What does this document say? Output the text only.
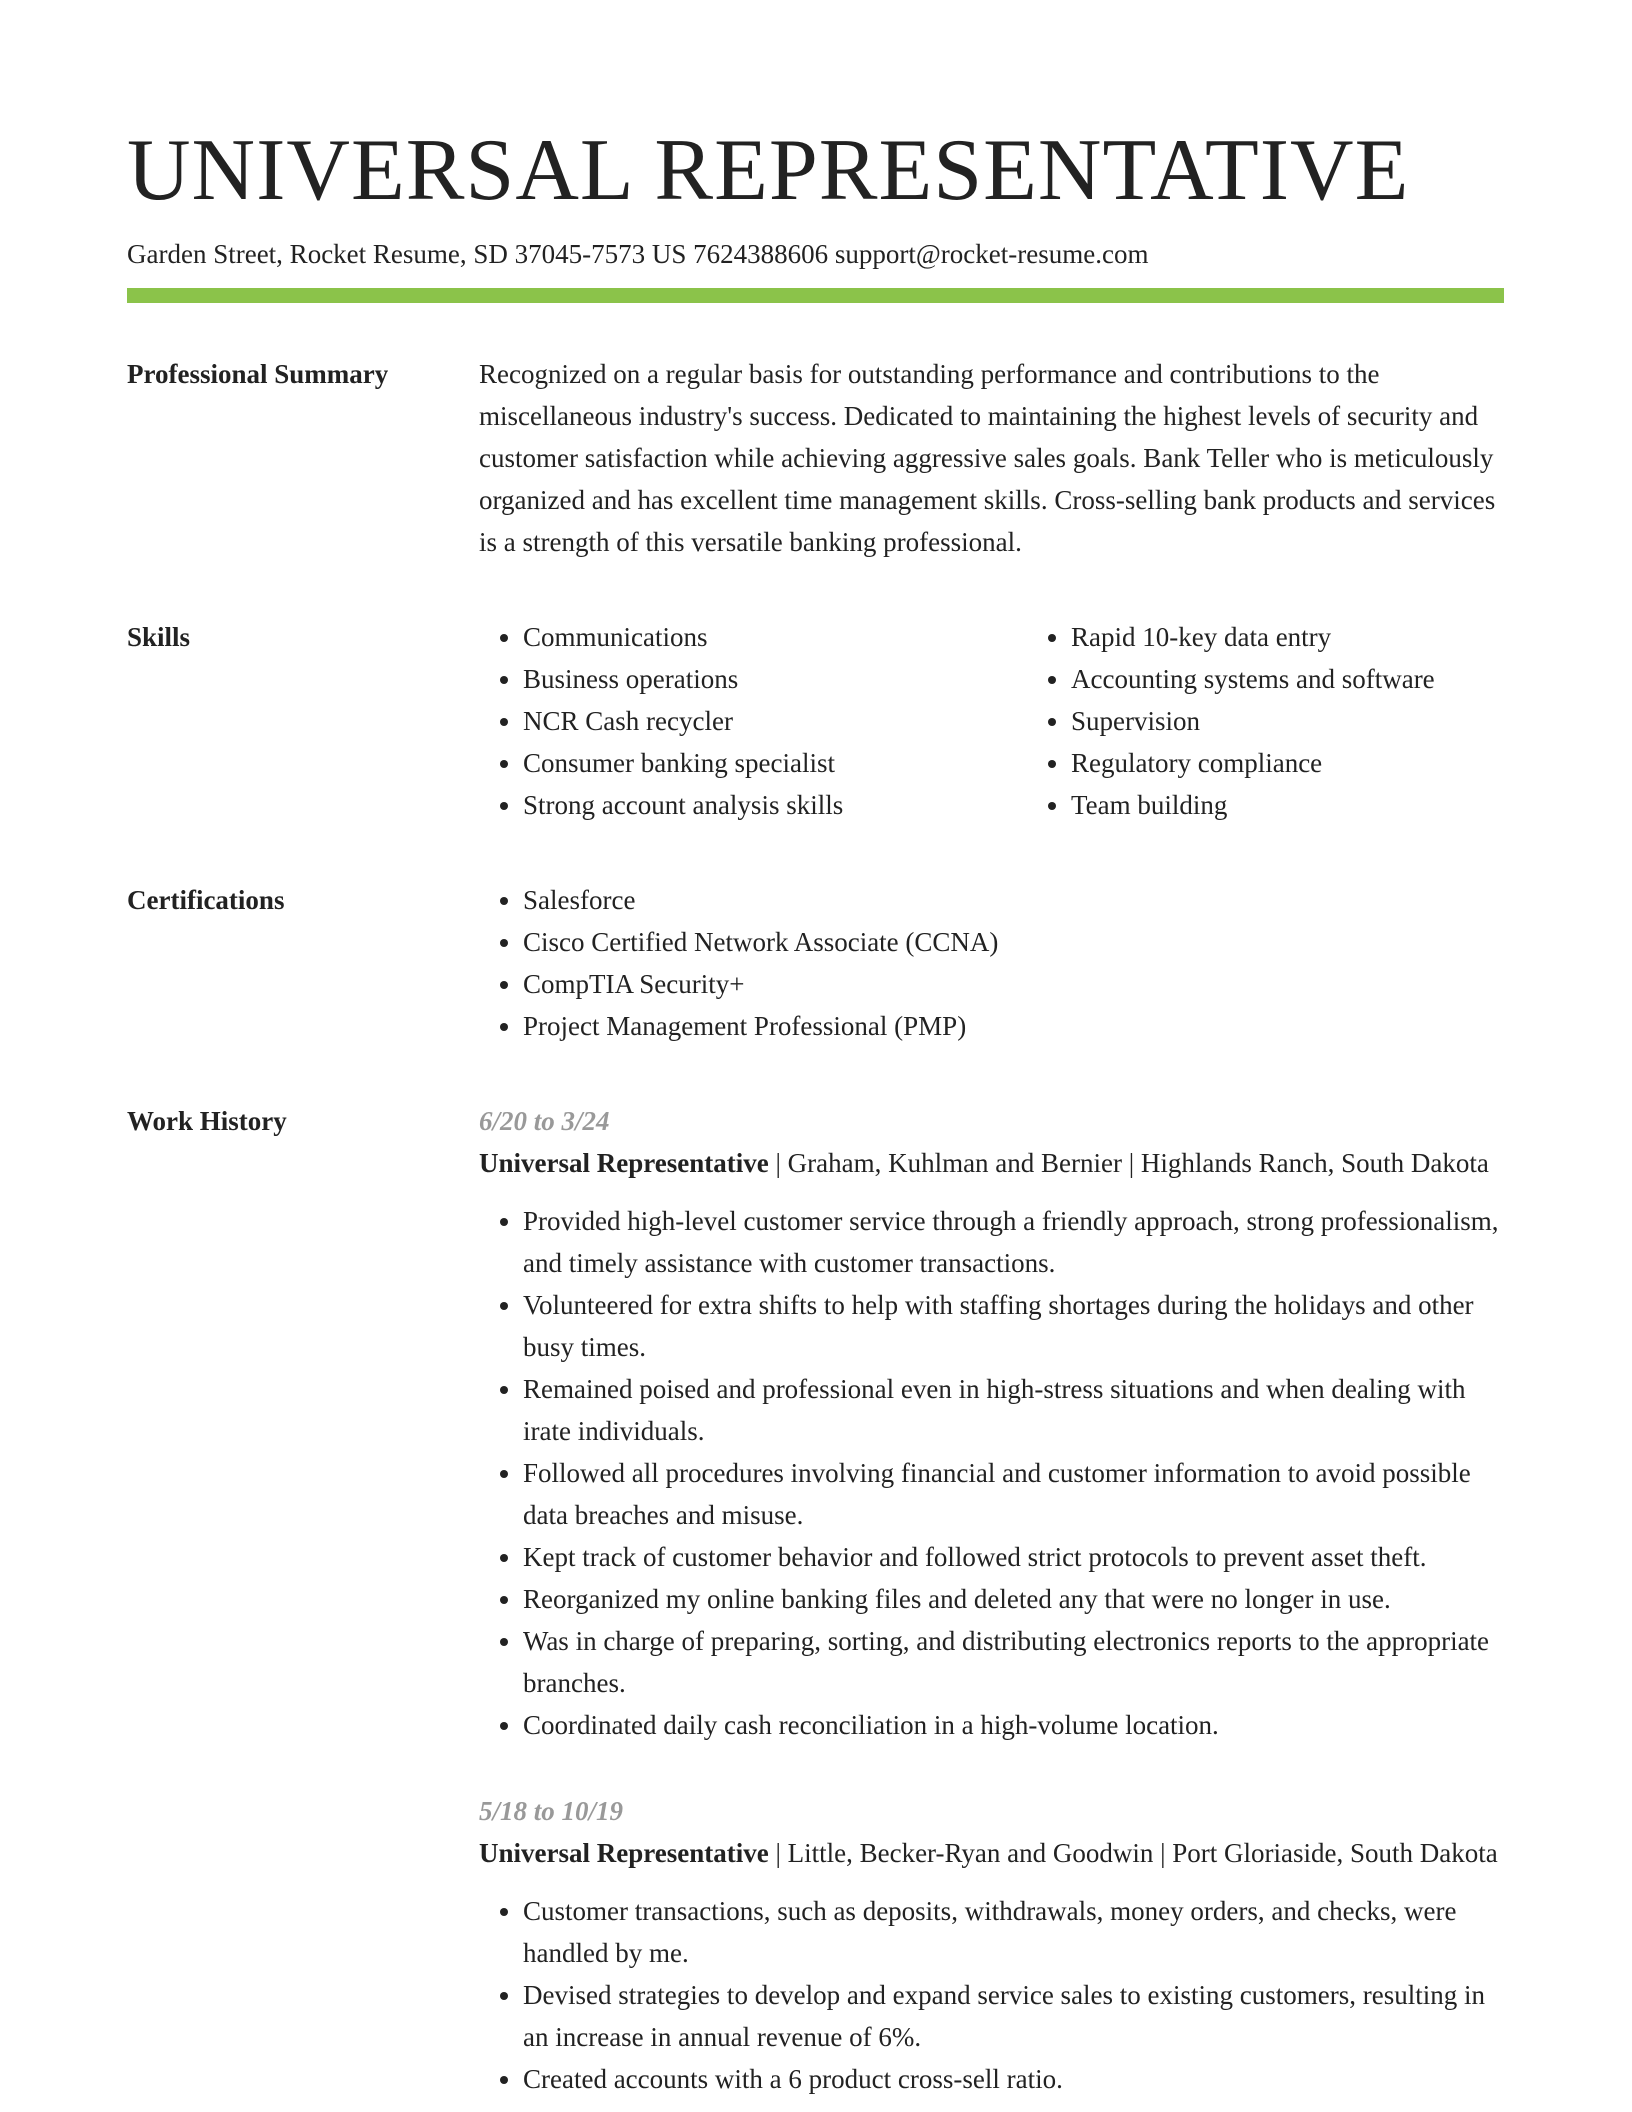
UNIVERSAL REPRESENTATIVE
Garden Street, Rocket Resume, SD 37045-7573 US 7624388606 support@rocket-resume.com
Professional Summary	Recognized on a regular basis for outstanding performance and contributions to the miscellaneous industry's success. Dedicated to maintaining the highest levels of security and customer satisfaction while achieving aggressive sales goals. Bank Teller who is meticulously organized and has excellent time management skills. Cross-selling bank products and services is a strength of this versatile banking professional.

Skills	• Communications
• Business operations
• NCR Cash recycler
• Consumer banking specialist
• Strong account analysis skills
• Rapid 10-key data entry
• Accounting systems and software
• Supervision
• Regulatory compliance
• Team building
Certifications	• Salesforce
• Cisco Certified Network Associate (CCNA)
• CompTIA Security+
• Project Management Professional (PMP)
Work History	6/20 to 3/24
Universal Representative | Graham, Kuhlman and Bernier | Highlands Ranch, South Dakota
• Provided high-level customer service through a friendly approach, strong professionalism, and timely assistance with customer transactions.
• Volunteered for extra shifts to help with staffing shortages during the holidays and other busy times.
• Remained poised and professional even in high-stress situations and when dealing with irate individuals.
• Followed all procedures involving financial and customer information to avoid possible data breaches and misuse.
• Kept track of customer behavior and followed strict protocols to prevent asset theft.
• Reorganized my online banking files and deleted any that were no longer in use.
• Was in charge of preparing, sorting, and distributing electronics reports to the appropriate branches.
• Coordinated daily cash reconciliation in a high-volume location.
5/18 to 10/19
Universal Representative | Little, Becker-Ryan and Goodwin | Port Gloriaside, South Dakota
• Customer transactions, such as deposits, withdrawals, money orders, and checks, were handled by me.
• Devised strategies to develop and expand service sales to existing customers, resulting in an increase in annual revenue of 6%.
• Created accounts with a 6 product cross-sell ratio.
